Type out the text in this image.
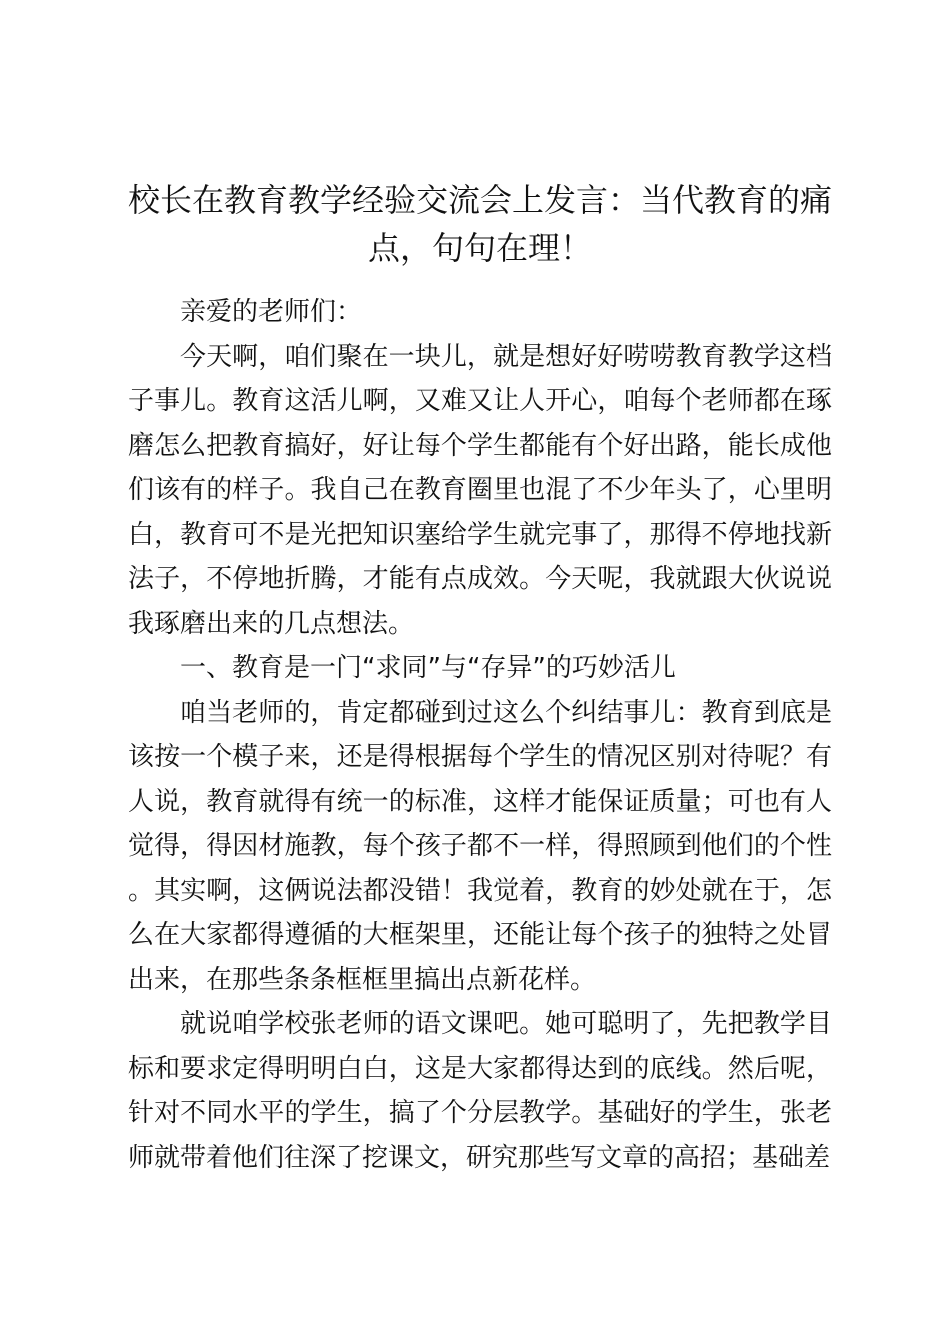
校长在教育教学经验交流会上发言：当代教育的痛点，句句在理！

亲爱的老师们：

今天啊，咱们聚在一块儿，就是想好好唠唠教育教学这档子事儿。教育这活儿啊，又难又让人开心，咱每个老师都在琢磨怎么把教育搞好，好让每个学生都能有个好出路，能长成他们该有的样子。我自己在教育圈里也混了不少年头了，心里明白，教育可不是光把知识塞给学生就完事了，那得不停地找新法子，不停地折腾，才能有点成效。今天呢，我就跟大伙说说我琢磨出来的几点想法。

一、教育是一门“求同”与“存异”的巧妙活儿

咱当老师的，肯定都碰到过这么个纠结事儿：教育到底是该按一个模子来，还是得根据每个学生的情况区别对待呢？有人说，教育就得有统一的标准，这样才能保证质量；可也有人觉得，得因材施教，每个孩子都不一样，得照顾到他们的个性。其实啊，这俩说法都没错！我觉着，教育的妙处就在于，怎么在大家都得遵循的大框架里，还能让每个孩子的独特之处冒出来，在那些条条框框里搞出点新花样。

就说咱学校张老师的语文课吧。她可聪明了，先把教学目标和要求定得明明白白，这是大家都得达到的底线。然后呢，针对不同水平的学生，搞了个分层教学。基础好的学生，张老师就带着他们往深了挖课文，研究那些写文章的高招；基础差
